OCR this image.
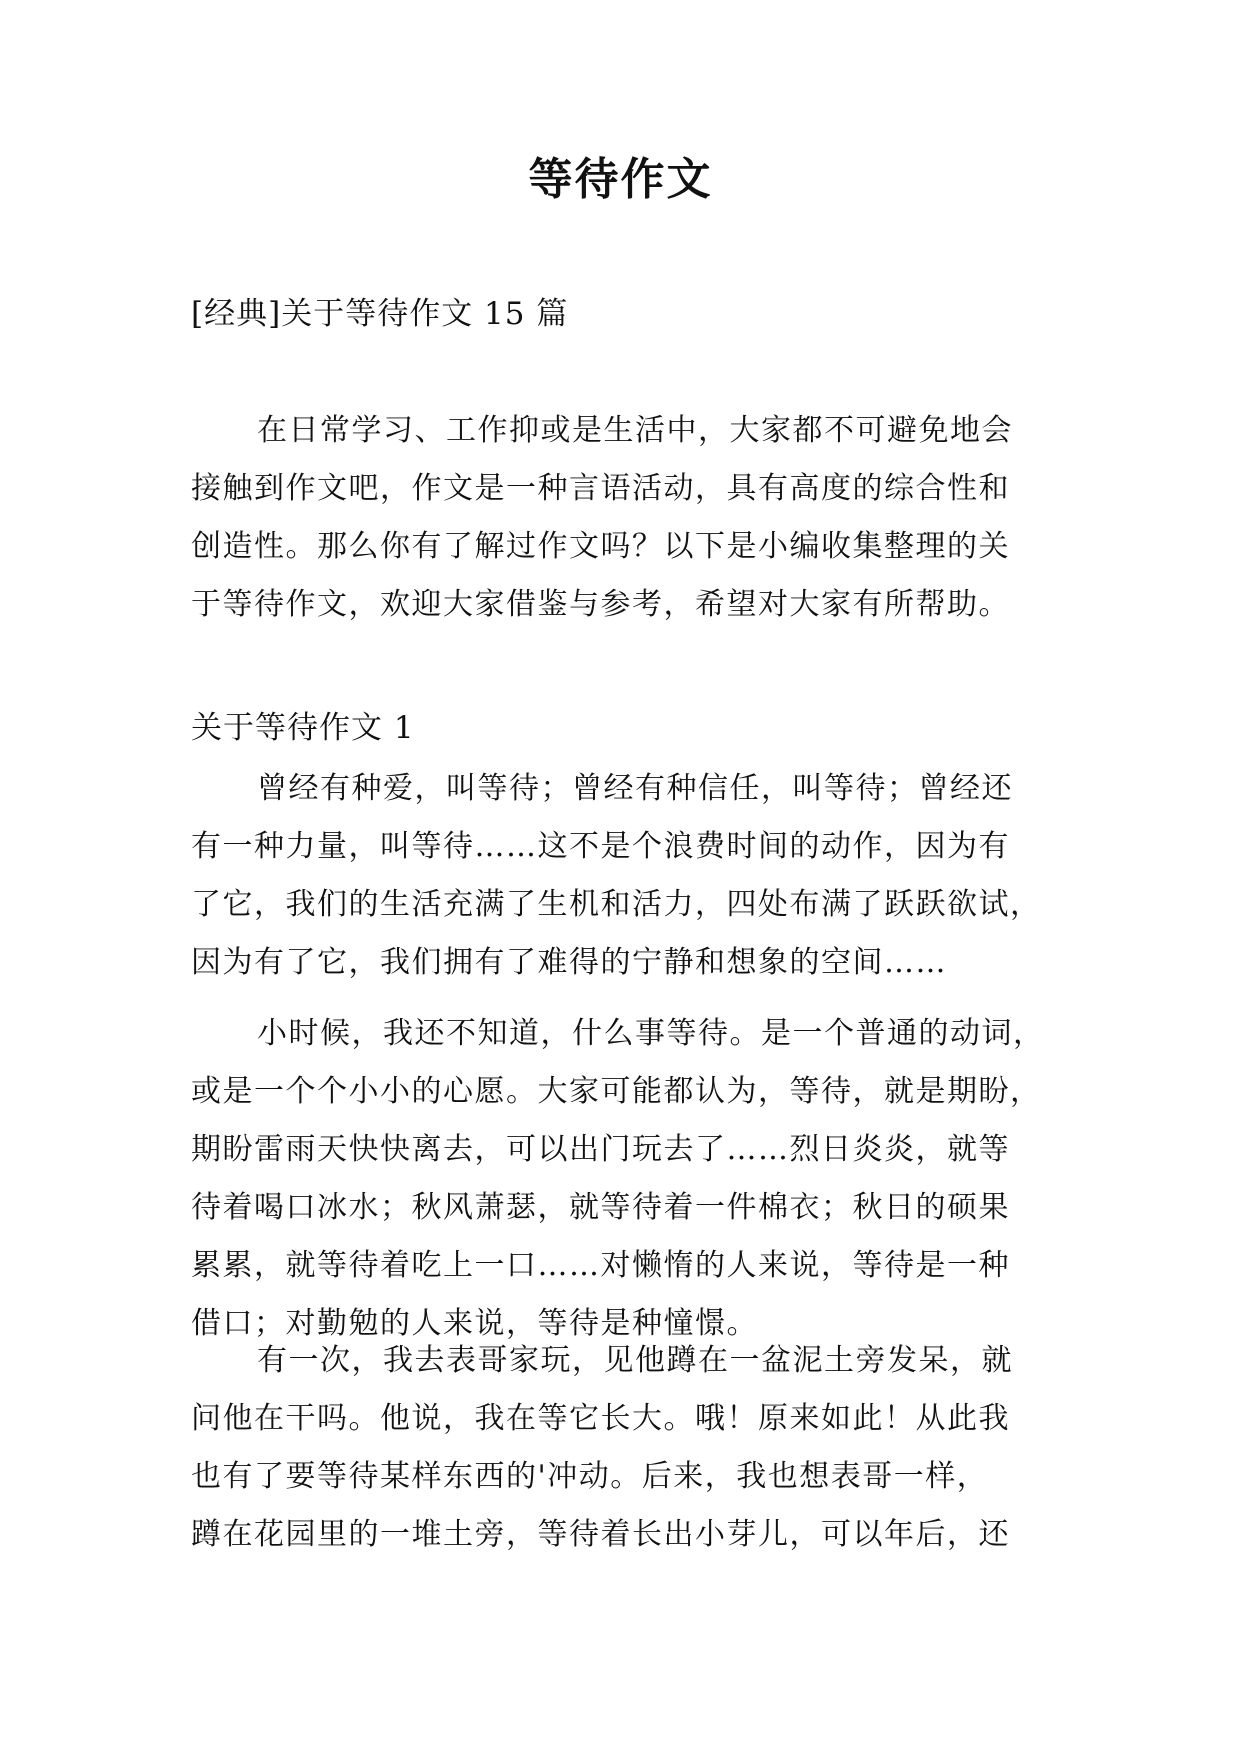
等待作文

[经典]关于等待作文 15 篇

在日常学习、工作抑或是生活中，大家都不可避免地会
接触到作文吧，作文是一种言语活动，具有高度的综合性和
创造性。那么你有了解过作文吗？以下是小编收集整理的关
于等待作文，欢迎大家借鉴与参考，希望对大家有所帮助。

关于等待作文 1

曾经有种爱，叫等待；曾经有种信任，叫等待；曾经还
有一种力量，叫等待……这不是个浪费时间的动作，因为有
了它，我们的生活充满了生机和活力，四处布满了跃跃欲试，
因为有了它，我们拥有了难得的宁静和想象的空间……

小时候，我还不知道，什么事等待。是一个普通的动词，
或是一个个小小的心愿。大家可能都认为，等待，就是期盼，
期盼雷雨天快快离去，可以出门玩去了……烈日炎炎，就等
待着喝口冰水；秋风萧瑟，就等待着一件棉衣；秋日的硕果
累累，就等待着吃上一口……对懒惰的人来说，等待是一种
借口；对勤勉的人来说，等待是种憧憬。

有一次，我去表哥家玩，见他蹲在一盆泥土旁发呆，就
问他在干吗。他说，我在等它长大。哦！原来如此！从此我
也有了要等待某样东西的'冲动。后来，我也想表哥一样，
蹲在花园里的一堆土旁，等待着长出小芽儿，可以年后，还
